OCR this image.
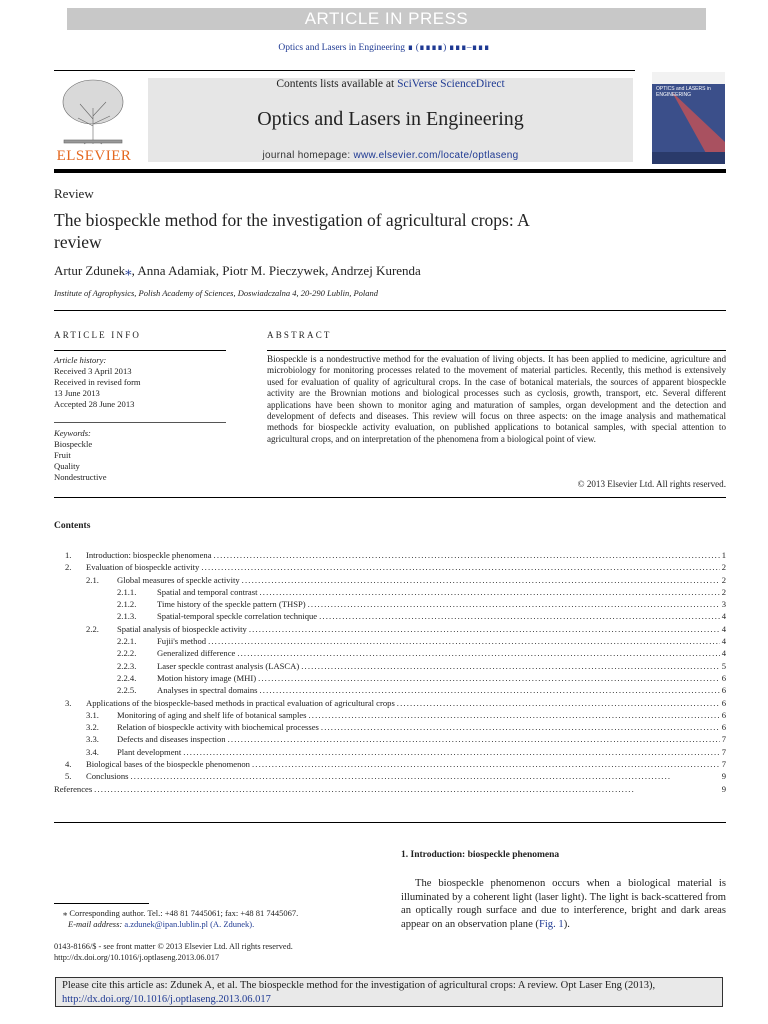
ARTICLE IN PRESS
Optics and Lasers in Engineering ∎ (∎∎∎∎) ∎∎∎–∎∎∎
Contents lists available at SciVerse ScienceDirect
Optics and Lasers in Engineering
journal homepage: www.elsevier.com/locate/optlaseng
ELSEVIER
OPTICS and LASERS in ENGINEERING
Review
The biospeckle method for the investigation of agricultural crops: A review
Artur Zdunek⁎, Anna Adamiak, Piotr M. Pieczywek, Andrzej Kurenda
Institute of Agrophysics, Polish Academy of Sciences, Doswiadczalna 4, 20-290 Lublin, Poland
ARTICLE INFO	ABSTRACT
Article history:
Received 3 April 2013
Received in revised form
13 June 2013
Accepted 28 June 2013
Keywords:
Biospeckle
Fruit
Quality
Nondestructive
Biospeckle is a nondestructive method for the evaluation of living objects. It has been applied to medicine, agriculture and microbiology for monitoring processes related to the movement of material particles. Recently, this method is extensively used for evaluation of quality of agricultural crops. In the case of botanical materials, the sources of apparent biospeckle activity are the Brownian motions and biological processes such as cyclosis, growth, transport, etc. Several different applications have been shown to monitor aging and maturation of samples, organ development and the detection and development of defects and diseases. This review will focus on three aspects: on the image analysis and mathematical methods for biospeckle activity evaluation, on published applications to botanical samples, with special attention to agricultural crops, and on interpretation of the phenomena from a biological point of view.
© 2013 Elsevier Ltd. All rights reserved.
Contents
1.	Introduction: biospeckle phenomena . . .	1
2.	Evaluation of biospeckle activity . . .	2
2.1.	Global measures of speckle activity . . .	2
2.1.1.	Spatial and temporal contrast . . .	2
2.1.2.	Time history of the speckle pattern (THSP) . . .	3
2.1.3.	Spatial-temporal speckle correlation technique . . .	4
2.2.	Spatial analysis of biospeckle activity . . .	4
2.2.1.	Fujii's method . . .	4
2.2.2.	Generalized difference . . .	4
2.2.3.	Laser speckle contrast analysis (LASCA) . . .	5
2.2.4.	Motion history image (MHI) . . .	6
2.2.5.	Analyses in spectral domains . . .	6
3.	Applications of the biospeckle-based methods in practical evaluation of agricultural crops . . .	6
3.1.	Monitoring of aging and shelf life of botanical samples . . .	6
3.2.	Relation of biospeckle activity with biochemical processes . . .	6
3.3.	Defects and diseases inspection . . .	7
3.4.	Plant development . . .	7
4.	Biological bases of the biospeckle phenomenon . . .	7
5.	Conclusions . . .	9
References . . .	9
1. Introduction: biospeckle phenomena
The biospeckle phenomenon occurs when a biological material is illuminated by a coherent light (laser light). The light is back-scattered from an optically rough surface and due to interference, bright and dark areas appear on an observation plane (Fig. 1).
⁎ Corresponding author. Tel.: +48 81 7445061; fax: +48 81 7445067.
E-mail address: a.zdunek@ipan.lublin.pl (A. Zdunek).
0143-8166/$ - see front matter © 2013 Elsevier Ltd. All rights reserved.
http://dx.doi.org/10.1016/j.optlaseng.2013.06.017
Please cite this article as: Zdunek A, et al. The biospeckle method for the investigation of agricultural crops: A review. Opt Laser Eng (2013), http://dx.doi.org/10.1016/j.optlaseng.2013.06.017
